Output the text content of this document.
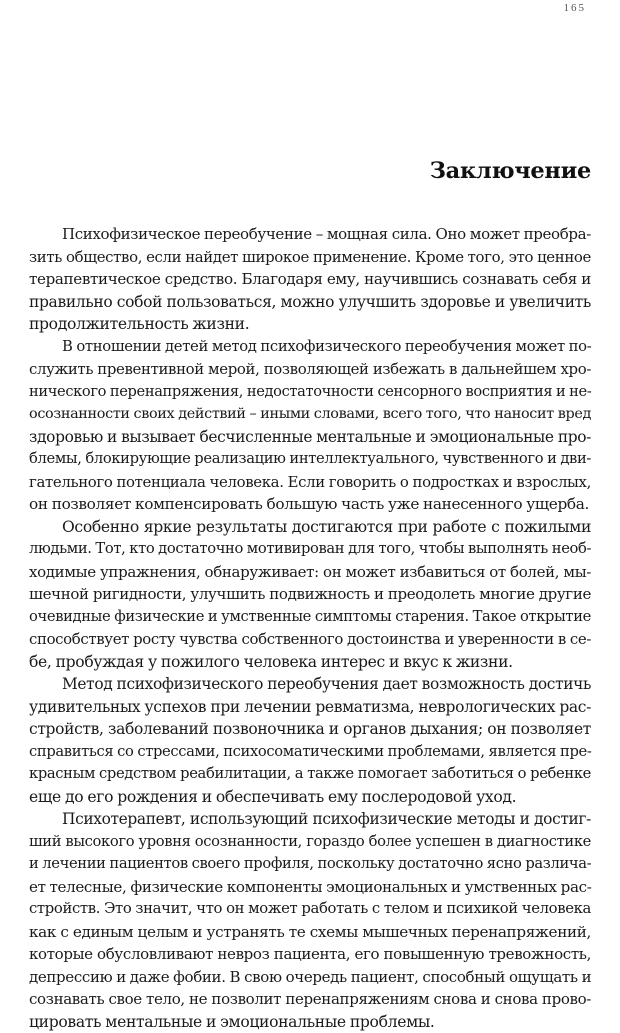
165
Заключение
Психофизическое переобучение – мощная сила. Оно может преобра-
зить общество, если найдет широкое применение. Кроме того, это ценное
терапевтическое средство. Благодаря ему, научившись сознавать себя и
правильно собой пользоваться, можно улучшить здоровье и увеличить
продолжительность жизни.
В отношении детей метод психофизического переобучения может по-
служить превентивной мерой, позволяющей избежать в дальнейшем хро-
нического перенапряжения, недостаточности сенсорного восприятия и не-
осознанности своих действий – иными словами, всего того, что наносит вред
здоровью и вызывает бесчисленные ментальные и эмоциональные про-
блемы, блокирующие реализацию интеллектуального, чувственного и дви-
гательного потенциала человека. Если говорить о подростках и взрослых,
он позволяет компенсировать большую часть уже нанесенного ущерба.
Особенно яркие результаты достигаются при работе с пожилыми
людьми. Тот, кто достаточно мотивирован для того, чтобы выполнять необ-
ходимые упражнения, обнаруживает: он может избавиться от болей, мы-
шечной ригидности, улучшить подвижность и преодолеть многие другие
очевидные физические и умственные симптомы старения. Такое открытие
способствует росту чувства собственного достоинства и уверенности в се-
бе, пробуждая у пожилого человека интерес и вкус к жизни.
Метод психофизического переобучения дает возможность достичь
удивительных успехов при лечении ревматизма, неврологических рас-
стройств, заболеваний позвоночника и органов дыхания; он позволяет
справиться со стрессами, психосоматическими проблемами, является пре-
красным средством реабилитации, а также помогает заботиться о ребенке
еще до его рождения и обеспечивать ему послеродовой уход.
Психотерапевт, использующий психофизические методы и достиг-
ший высокого уровня осознанности, гораздо более успешен в диагностике
и лечении пациентов своего профиля, поскольку достаточно ясно различа-
ет телесные, физические компоненты эмоциональных и умственных рас-
стройств. Это значит, что он может работать с телом и психикой человека
как с единым целым и устранять те схемы мышечных перенапряжений,
которые обусловливают невроз пациента, его повышенную тревожность,
депрессию и даже фобии. В свою очередь пациент, способный ощущать и
сознавать свое тело, не позволит перенапряжениям снова и снова прово-
цировать ментальные и эмоциональные проблемы.
